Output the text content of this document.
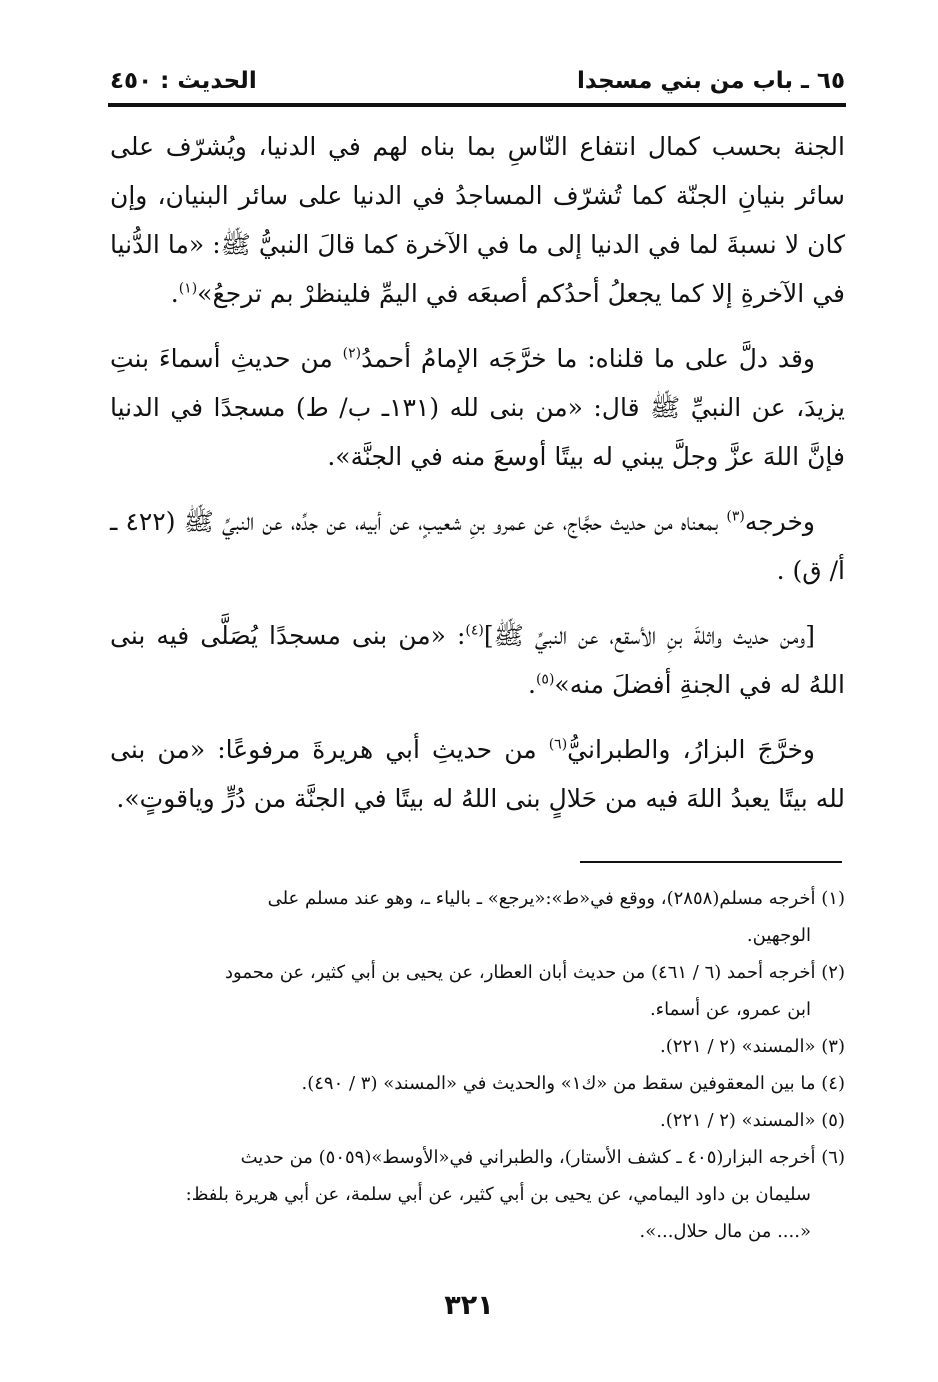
٦٥ ـ باب من بني مسجدا
الحديث : ٤٥٠

الجنة بحسب كمال انتفاع النّاسِ بما بناه لهم في الدنيا، ويُشرّف على سائر بنيانِ الجنّة كما تُشرّف المساجدُ في الدنيا على سائر البنيان، وإن كان لا نسبةَ لما في الدنيا إلى ما في الآخرة كما قالَ النبيُّ ﷺ: «ما الدُّنيا في الآخرةِ إلا كما يجعلُ أحدُكم أصبعَه في اليمِّ فلينظرْ بم ترجعُ»$^{(١)}$.

وقد دلَّ على ما قلناه: ما خرَّجَه الإمامُ أحمدُ$^{(٢)}$ من حديثِ أسماءَ بنتِ يزيدَ، عن النبيِّ ﷺ قال: «من بنى لله (١٣١ـ ب/ ط) مسجدًا في الدنيا فإنَّ اللهَ عزَّ وجلَّ يبني له بيتًا أوسعَ منه في الجنَّة».

وخرجه$^{(٣)}$ بمعناه من حديث حجَّاج، عن عمرو بنِ شعيبٍ، عن أبيه، عن جدِّه، عن النبيِّ ﷺ (٤٢٢ ـ أ/ ق) .

[ومن حديث واثلةَ بنِ الأسقع، عن النبيِّ ﷺ]$^{(٤)}$: «من بنى مسجدًا يُصَلَّى فيه بنى اللهُ له في الجنةِ أفضلَ منه»$^{(٥)}$.

وخرَّجَ البزارُ، والطبرانيُّ$^{(٦)}$ من حديثِ أبي هريرةَ مرفوعًا: «من بنى لله بيتًا يعبدُ اللهَ فيه من حَلالٍ بنى اللهُ له بيتًا في الجنَّة من دُرٍّ وياقوتٍ».

(١) أخرجه مسلم(٢٨٥٨)، ووقع في«ط»:«يرجع» ـ بالياء ـ، وهو عند مسلم على
الوجهين.
(٢) أخرجه أحمد (٦ / ٤٦١) من حديث أبان العطار، عن يحيى بن أبي كثير، عن محمود
ابن عمرو، عن أسماء.
(٣) «المسند» (٢ / ٢٢١).
(٤) ما بين المعقوفين سقط من «ك١» والحديث في «المسند» (٣ / ٤٩٠).
(٥) «المسند» (٢ / ٢٢١).
(٦) أخرجه البزار(٤٠٥ ـ كشف الأستار)، والطبراني في«الأوسط»(٥٠٥٩) من حديث
سليمان بن داود اليمامي، عن يحيى بن أبي كثير، عن أبي سلمة، عن أبي هريرة بلفظ:
«.... من مال حلال...».
٣٢١
